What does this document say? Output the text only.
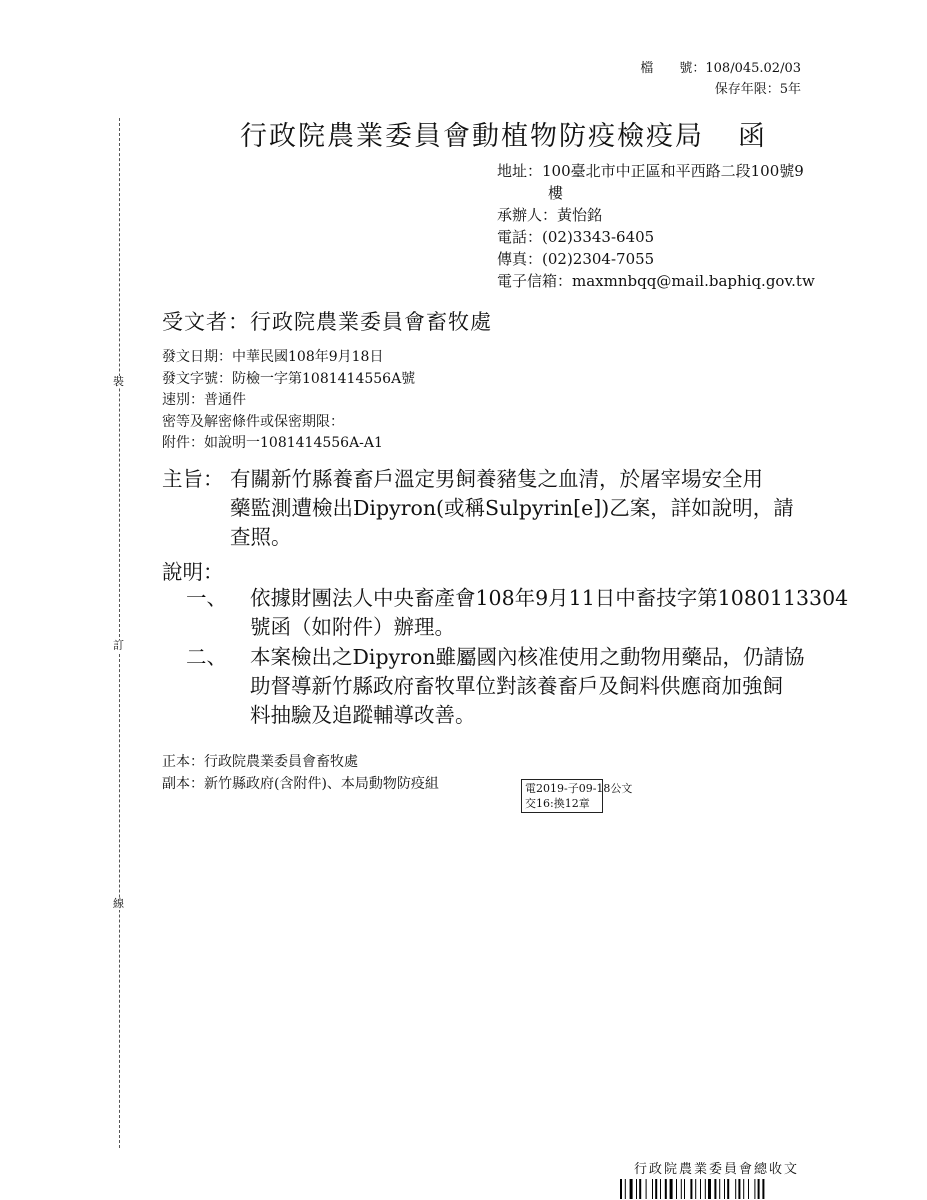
裝
訂
線
檔　　號：108/045.02/03
保存年限：5年
行政院農業委員會動植物防疫檢疫局 函
地址：100臺北市中正區和平西路二段100號9
樓
承辦人：黃怡銘
電話：(02)3343-6405
傳真：(02)2304-7055
電子信箱：maxmnbqq@mail.baphiq.gov.tw
受文者：行政院農業委員會畜牧處
發文日期：中華民國108年9月18日
發文字號：防檢一字第1081414556A號
速別：普通件
密等及解密條件或保密期限：
附件：如說明一1081414556A-A1
主旨： 有關新竹縣養畜戶溫定男飼養豬隻之血清，於屠宰場安全用
藥監測遭檢出Dipyron(或稱Sulpyrin[e])乙案，詳如說明，請
查照。
說明：
一、 依據財團法人中央畜產會108年9月11日中畜技字第1080113304
號函（如附件）辦理。
二、 本案檢出之Dipyron雖屬國內核准使用之動物用藥品，仍請協
助督導新竹縣政府畜牧單位對該養畜戶及飼料供應商加強飼
料抽驗及追蹤輔導改善。
正本：行政院農業委員會畜牧處
副本：新竹縣政府(含附件)、本局動物防疫組	電2019-子09-18公文
交16:換12章
行政院農業委員會總收文
